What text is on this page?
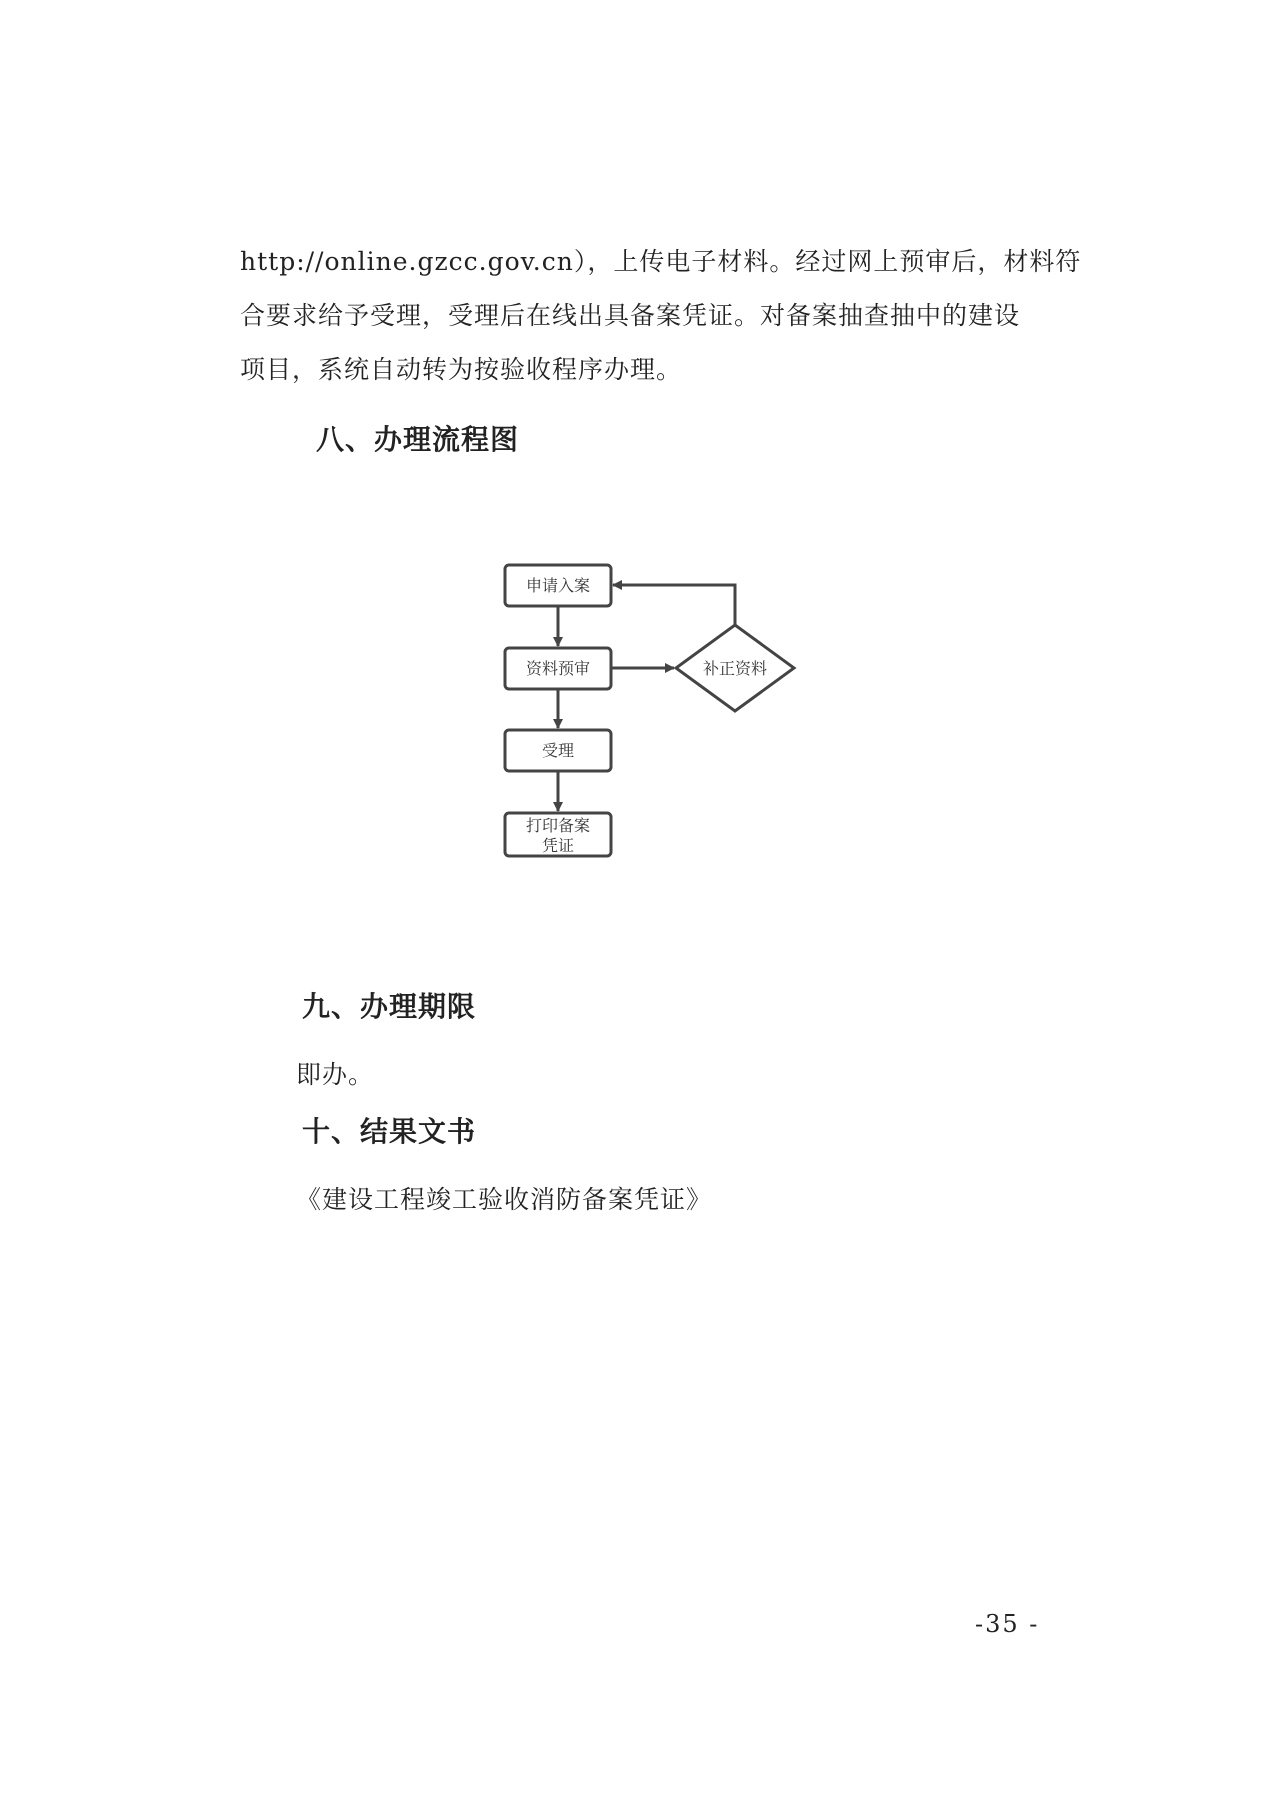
http://online.gzcc.gov.cn），上传电子材料。经过网上预审后，材料符
合要求给予受理，受理后在线出具备案凭证。对备案抽查抽中的建设
项目，系统自动转为按验收程序办理。
八、办理流程图
申请入案
资料预审
受理
打印备案
凭证
补正资料
九、办理期限

即办。

十、结果文书

《建设工程竣工验收消防备案凭证》

-35 -
